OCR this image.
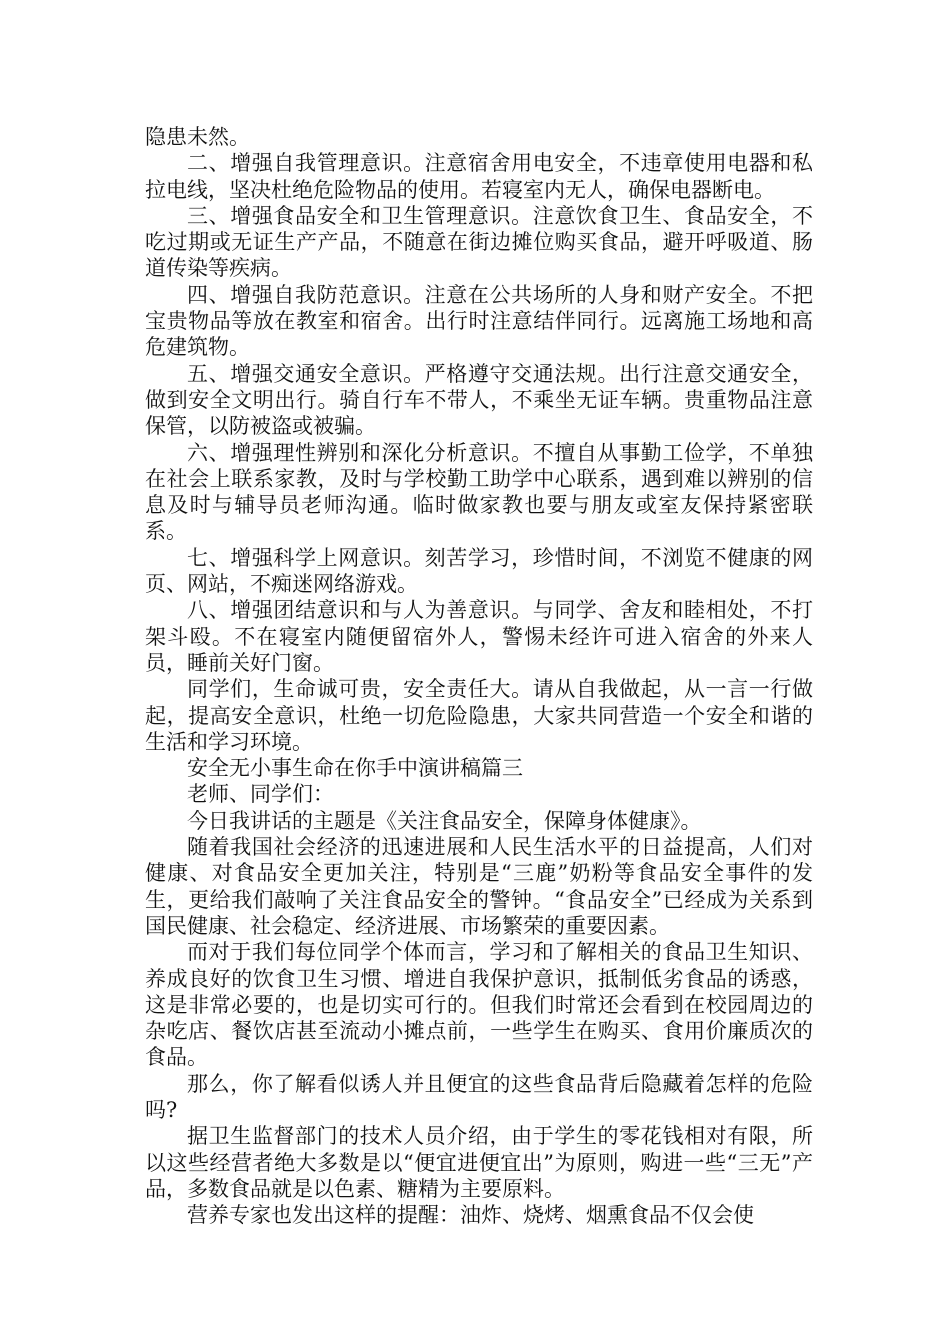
隐患未然。

二、增强自我管理意识。注意宿舍用电安全，不违章使用电器和私拉电线，坚决杜绝危险物品的使用。若寝室内无人，确保电器断电。

三、增强食品安全和卫生管理意识。注意饮食卫生、食品安全，不吃过期或无证生产产品，不随意在街边摊位购买食品，避开呼吸道、肠道传染等疾病。

四、增强自我防范意识。注意在公共场所的人身和财产安全。不把宝贵物品等放在教室和宿舍。出行时注意结伴同行。远离施工场地和高危建筑物。

五、增强交通安全意识。严格遵守交通法规。出行注意交通安全，做到安全文明出行。骑自行车不带人，不乘坐无证车辆。贵重物品注意保管，以防被盗或被骗。

六、增强理性辨别和深化分析意识。不擅自从事勤工俭学，不单独在社会上联系家教，及时与学校勤工助学中心联系，遇到难以辨别的信息及时与辅导员老师沟通。临时做家教也要与朋友或室友保持紧密联系。

七、增强科学上网意识。刻苦学习，珍惜时间，不浏览不健康的网页、网站，不痴迷网络游戏。

八、增强团结意识和与人为善意识。与同学、舍友和睦相处，不打架斗殴。不在寝室内随便留宿外人，警惕未经许可进入宿舍的外来人员，睡前关好门窗。

同学们，生命诚可贵，安全责任大。请从自我做起，从一言一行做起，提高安全意识，杜绝一切危险隐患，大家共同营造一个安全和谐的生活和学习环境。

安全无小事生命在你手中演讲稿篇三

老师、同学们：

今日我讲话的主题是《关注食品安全，保障身体健康》。

随着我国社会经济的迅速进展和人民生活水平的日益提高，人们对健康、对食品安全更加关注，特别是“三鹿”奶粉等食品安全事件的发生，更给我们敲响了关注食品安全的警钟。“食品安全”已经成为关系到国民健康、社会稳定、经济进展、市场繁荣的重要因素。

而对于我们每位同学个体而言，学习和了解相关的食品卫生知识、养成良好的饮食卫生习惯、增进自我保护意识，抵制低劣食品的诱惑，这是非常必要的，也是切实可行的。但我们时常还会看到在校园周边的杂吃店、餐饮店甚至流动小摊点前，一些学生在购买、食用价廉质次的食品。

那么，你了解看似诱人并且便宜的这些食品背后隐藏着怎样的危险吗?

据卫生监督部门的技术人员介绍，由于学生的零花钱相对有限，所以这些经营者绝大多数是以“便宜进便宜出”为原则，购进一些“三无”产品，多数食品就是以色素、糖精为主要原料。

营养专家也发出这样的提醒：油炸、烧烤、烟熏食品不仅会使
